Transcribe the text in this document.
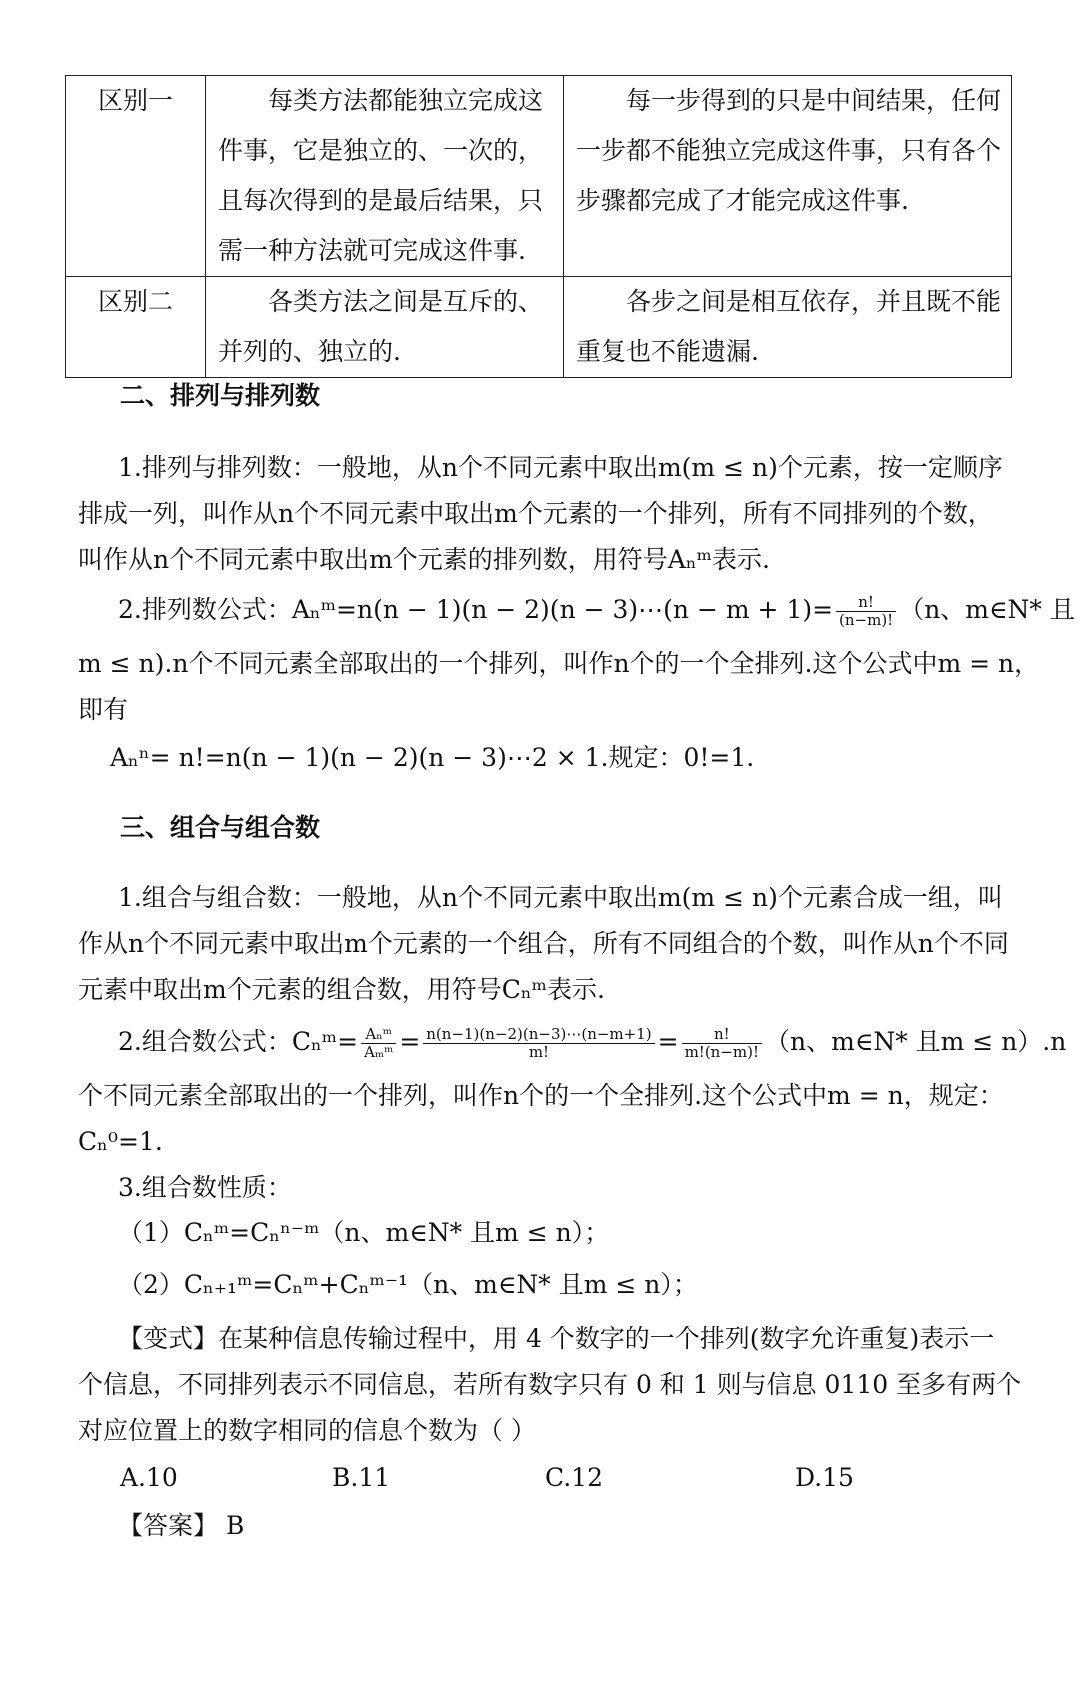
区别一	每类方法都能独立完成这件事，它是独立的、一次的，且每次得到的是最后结果，只需一种方法就可完成这件事.	每一步得到的只是中间结果，任何一步都不能独立完成这件事，只有各个步骤都完成了才能完成这件事.
区别二	各类方法之间是互斥的、并列的、独立的.	各步之间是相互依存，并且既不能重复也不能遗漏.
二、排列与排列数
1.排列与排列数：一般地，从n个不同元素中取出m(m ≤ n)个元素，按一定顺序
排成一列，叫作从n个不同元素中取出m个元素的一个排列，所有不同排列的个数，
叫作从n个不同元素中取出m个元素的排列数，用符号Aₙᵐ表示.
2.排列数公式：Aₙᵐ=n(n − 1)(n − 2)(n − 3)⋯(n − $m + 1)= \frac{n!}{(n-m)!} (n$、m∈N* 且
m ≤ n).n个不同元素全部取出的一个排列，叫作n个的一个全排列.这个公式中m = n，
即有
Aₙⁿ= n!=n(n − 1)(n − 2)(n − 3)⋯2 × 1.规定：0!=1.
三、组合与组合数
1.组合与组合数：一般地，从n个不同元素中取出m(m ≤ n)个元素合成一组，叫
作从n个不同元素中取出m个元素的一个组合，所有不同组合的个数，叫作从n个不同
元素中取出m个元素的组合数，用符号Cₙᵐ表示.
2.组合数公式：Cₙᵐ= $\frac{\text{Aₙᵐ}}{\text{Aₘᵐ}} = \frac{n(n-1)(n-2)(n-3)\cdots(n-m+1)}{m!} = \frac{n!}{m!(n-m)!} (n$、m∈N* 且m ≤ n）.n
个不同元素全部取出的一个排列，叫作n个的一个全排列.这个公式中m = n，规定：
Cₙ⁰=1.
3.组合数性质：
（1）Cₙᵐ=Cₙⁿ⁻ᵐ（n、m∈N* 且m ≤ n）；
（2）Cₙ₊₁ᵐ=Cₙᵐ+Cₙᵐ⁻¹（n、m∈N* 且m ≤ n）；
【变式】在某种信息传输过程中，用 4 个数字的一个排列(数字允许重复)表示一
个信息，不同排列表示不同信息，若所有数字只有 0 和 1 则与信息 0110 至多有两个
对应位置上的数字相同的信息个数为（ ）
A.10	B.11	C.12	D.15
【答案】 B
